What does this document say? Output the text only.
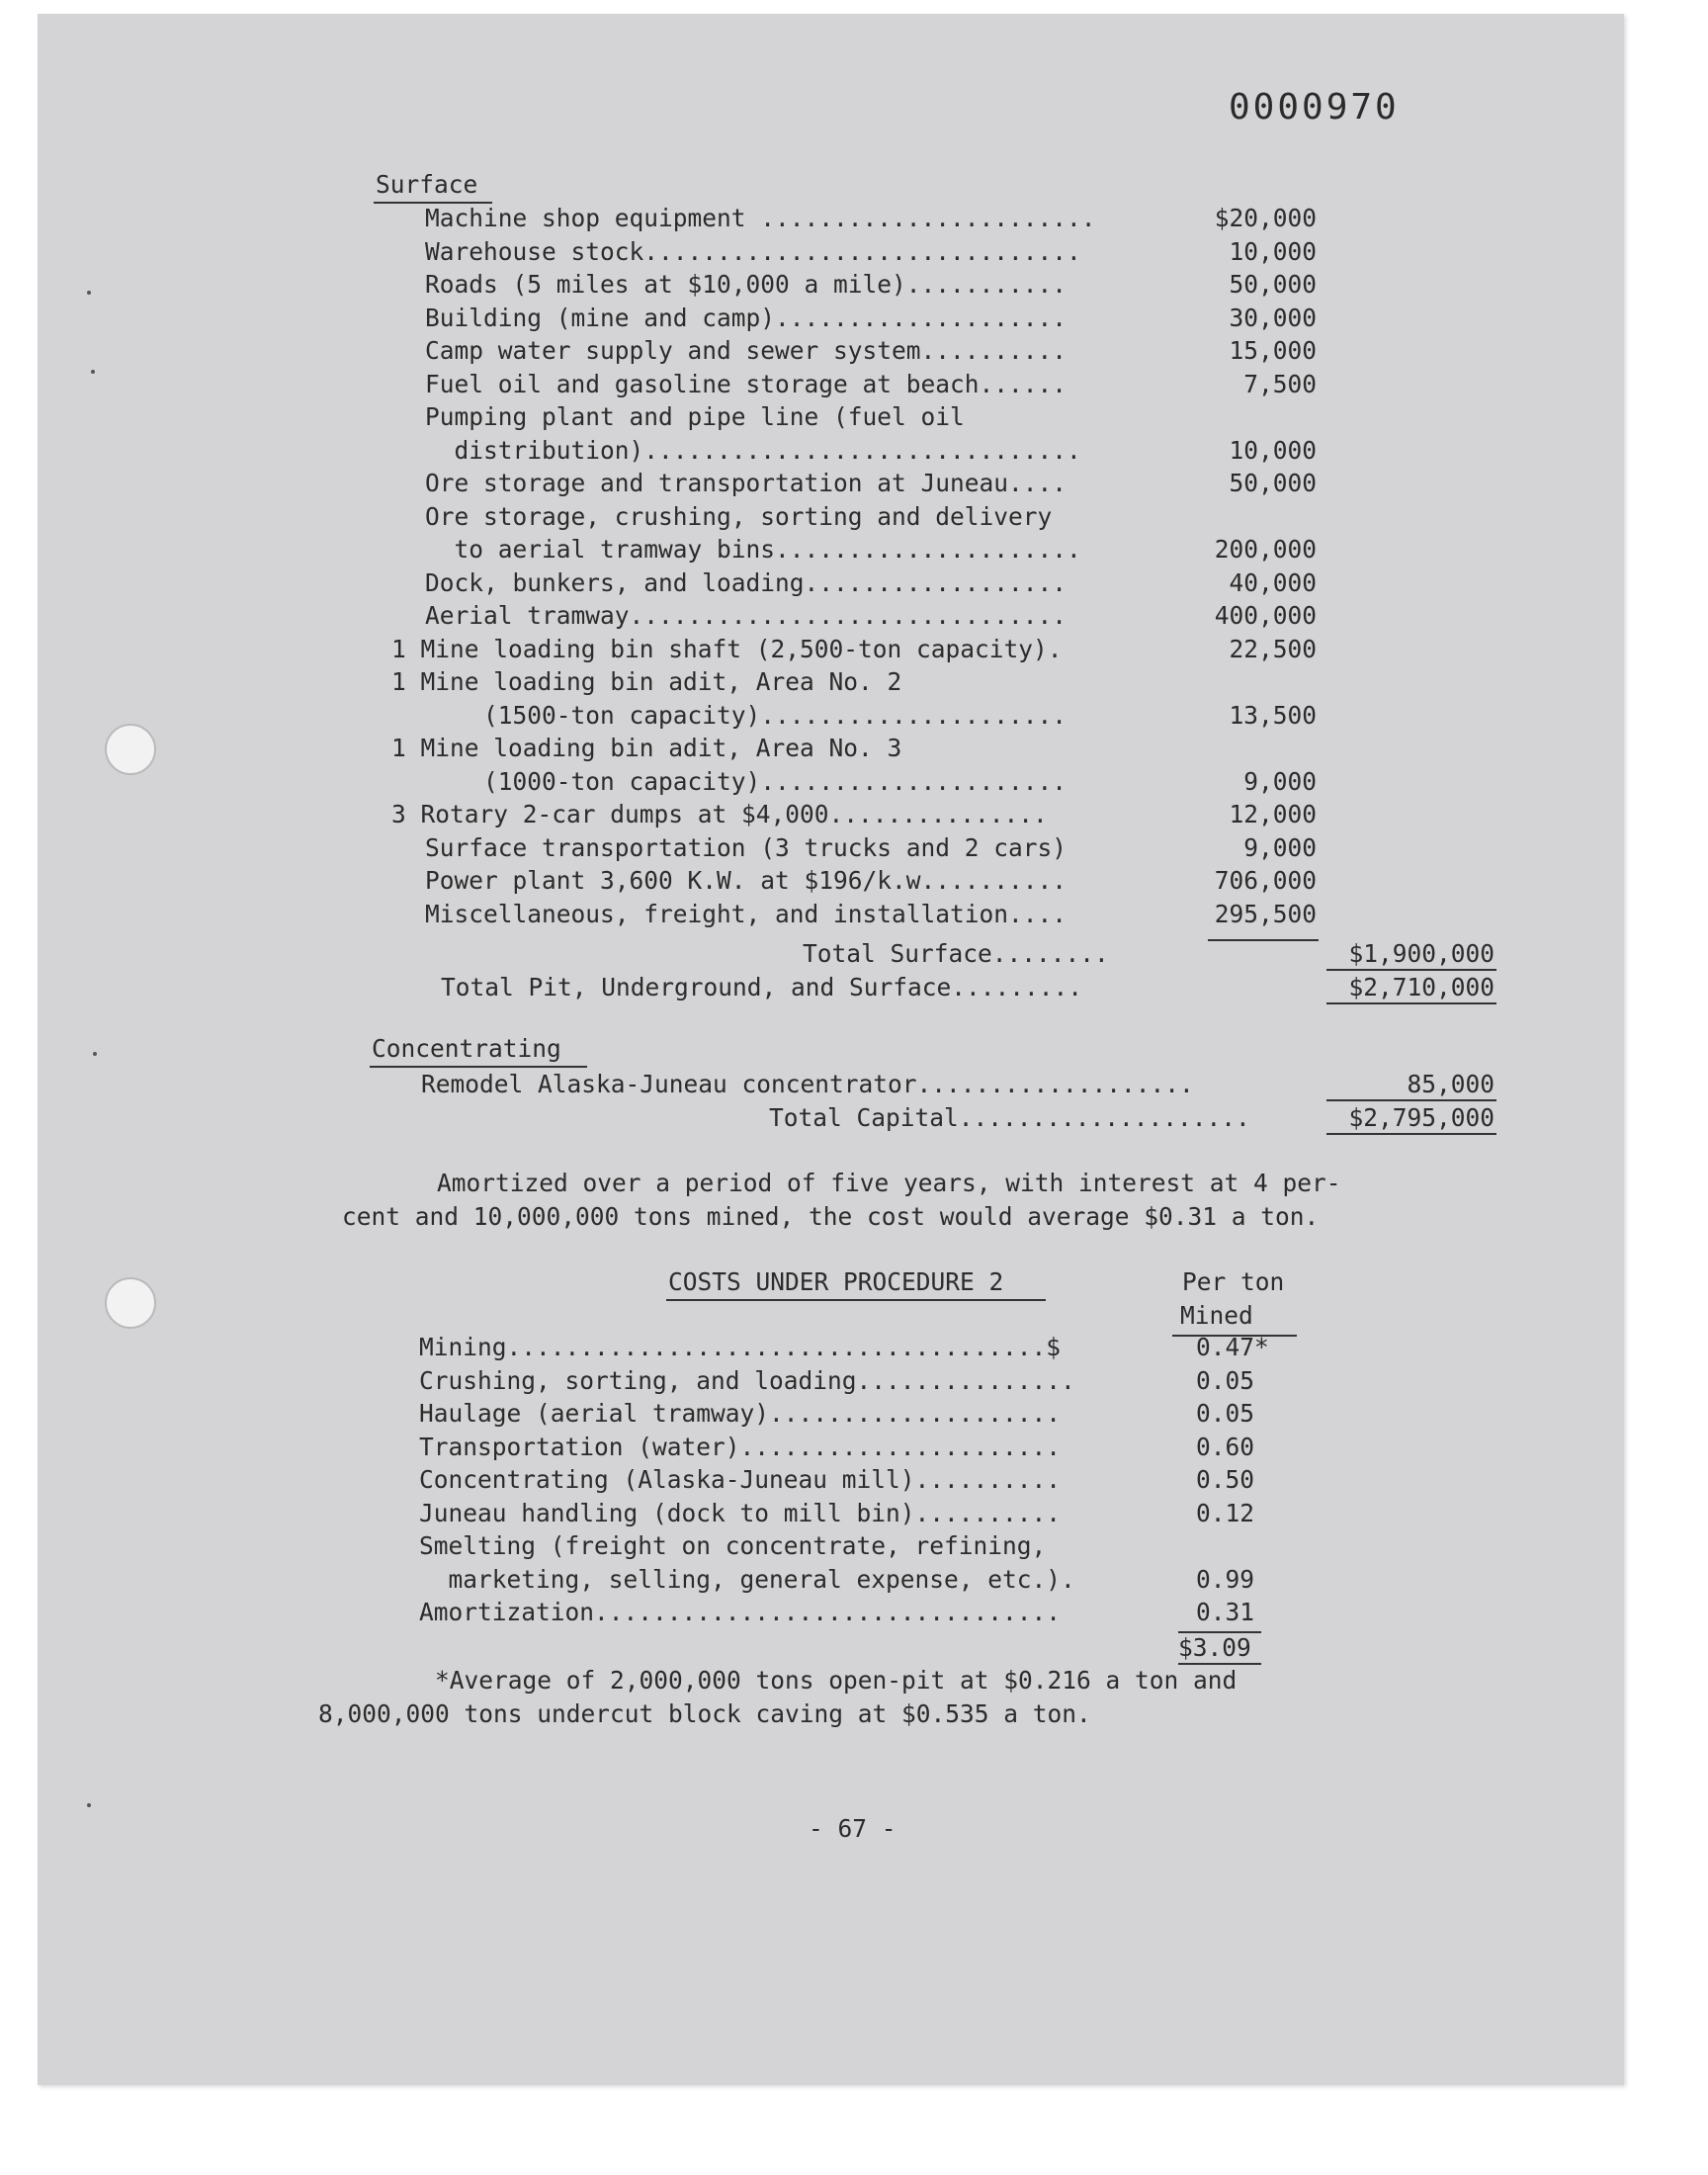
0000970
Surface
Machine shop equipment .......................	$20,000
Warehouse stock..............................	10,000
Roads (5 miles at $10,000 a mile)...........	50,000
Building (mine and camp)....................	30,000
Camp water supply and sewer system..........	15,000
Fuel oil and gasoline storage at beach......	7,500
Pumping plant and pipe line (fuel oil
distribution)..............................	10,000
Ore storage and transportation at Juneau....	50,000
Ore storage, crushing, sorting and delivery
to aerial tramway bins.....................	200,000
Dock, bunkers, and loading..................	40,000
Aerial tramway..............................	400,000
1 Mine loading bin shaft (2,500-ton capacity).	22,500
1 Mine loading bin adit, Area No. 2
(1500-ton capacity).....................	13,500
1 Mine loading bin adit, Area No. 3
(1000-ton capacity).....................	9,000
3 Rotary 2-car dumps at $4,000...............	12,000
Surface transportation (3 trucks and 2 cars)	9,000
Power plant 3,600 K.W. at $196/k.w..........	706,000
Miscellaneous, freight, and installation....	295,500
Total Surface........	$1,900,000
Total Pit, Underground, and Surface.........	$2,710,000
Concentrating
Remodel Alaska-Juneau concentrator...................	85,000
Total Capital....................	$2,795,000
Amortized over a period of five years, with interest at 4 per-
cent and 10,000,000 tons mined, the cost would average $0.31 a ton.
COSTS UNDER PROCEDURE 2	Per ton
Mined
Mining.....................................$	0.47*
Crushing, sorting, and loading...............	0.05
Haulage (aerial tramway)....................	0.05
Transportation (water)......................	0.60
Concentrating (Alaska-Juneau mill)..........	0.50
Juneau handling (dock to mill bin)..........	0.12
Smelting (freight on concentrate, refining,
marketing, selling, general expense, etc.).	0.99
Amortization................................	0.31
$3.09
*Average of 2,000,000 tons open-pit at $0.216 a ton and
8,000,000 tons undercut block caving at $0.535 a ton.
- 67 -
